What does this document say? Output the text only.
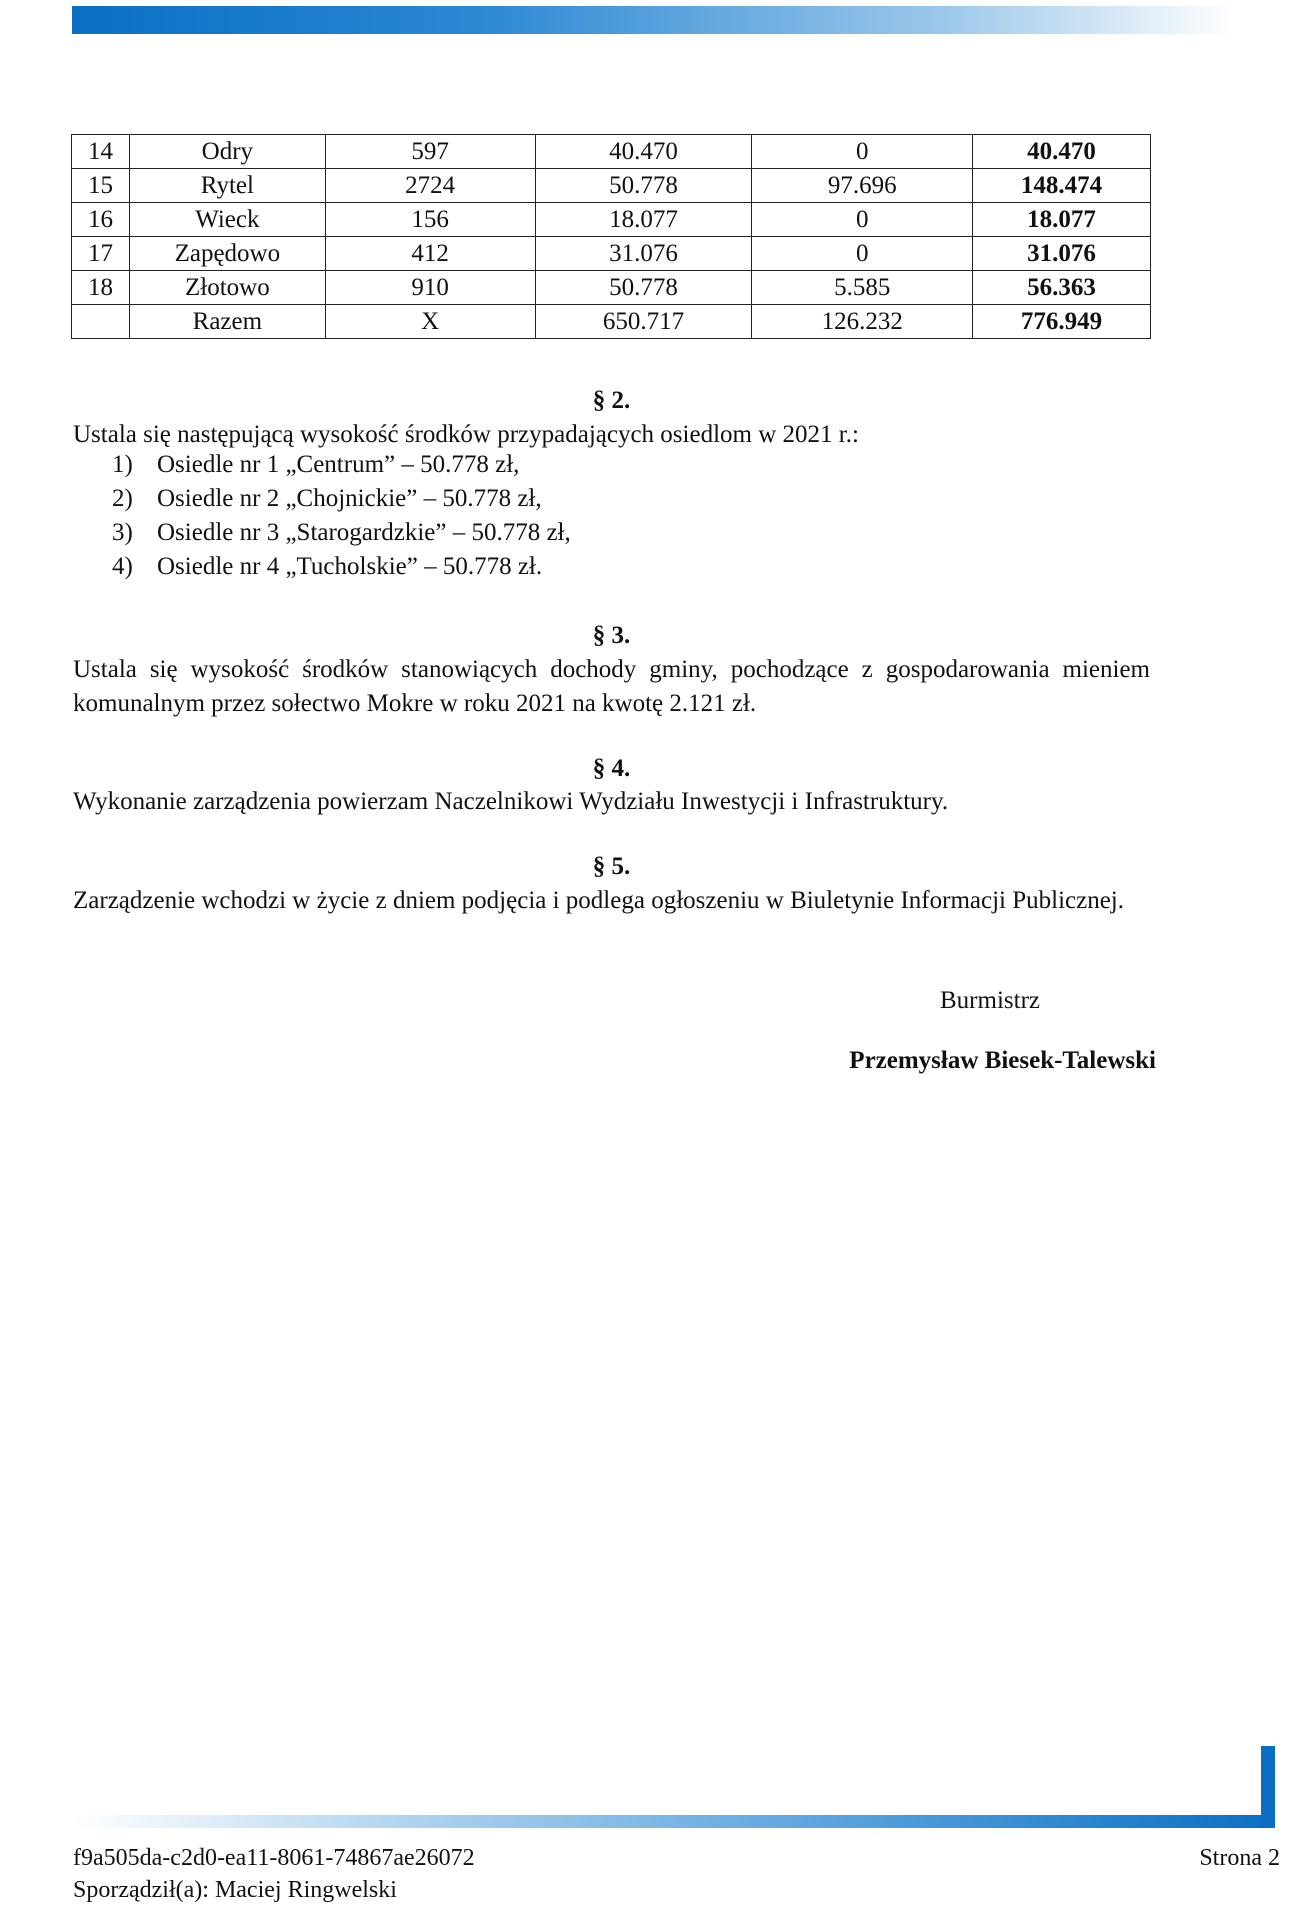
14	Odry	597	40.470	0	40.470
15	Rytel	2724	50.778	97.696	148.474
16	Wieck	156	18.077	0	18.077
17	Zapędowo	412	31.076	0	31.076
18	Złotowo	910	50.778	5.585	56.363
	Razem	X	650.717	126.232	776.949
§ 2.
Ustala się następującą wysokość środków przypadających osiedlom w 2021 r.:
1) Osiedle nr 1 „Centrum” – 50.778 zł,
2) Osiedle nr 2 „Chojnickie” – 50.778 zł,
3) Osiedle nr 3 „Starogardzkie” – 50.778 zł,
4) Osiedle nr 4 „Tucholskie” – 50.778 zł.
§ 3.
Ustala się wysokość środków stanowiących dochody gminy, pochodzące z gospodarowania mieniem komunalnym przez sołectwo Mokre w roku 2021 na kwotę 2.121 zł.
§ 4.
Wykonanie zarządzenia powierzam Naczelnikowi Wydziału Inwestycji i Infrastruktury.
§ 5.
Zarządzenie wchodzi w życie z dniem podjęcia i podlega ogłoszeniu w Biuletynie Informacji Publicznej.
Burmistrz
Przemysław Biesek-Talewski
f9a505da-c2d0-ea11-8061-74867ae26072
Sporządził(a): Maciej Ringwelski
Strona 2
